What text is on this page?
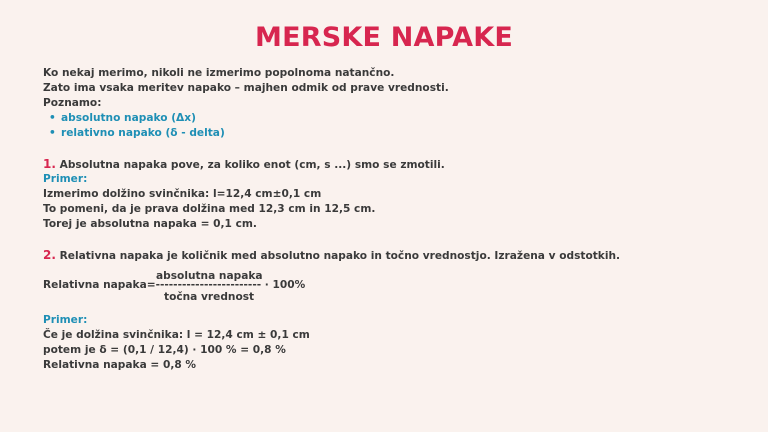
MERSKE NAPAKE
Ko nekaj merimo, nikoli ne izmerimo popolnoma natančno.
Zato ima vsaka meritev napako – majhen odmik od prave vrednosti.
Poznamo:
• absolutno napako (Δx)
• relativno napako (δ - delta)
1. Absolutna napaka pove, za koliko enot (cm, s ...) smo se zmotili.
Primer:
Izmerimo dolžino svinčnika: l=12,4 cm±0,1 cm
To pomeni, da je prava dolžina med 12,3 cm in 12,5 cm.
Torej je absolutna napaka = 0,1 cm.
2. Relativna napaka je količnik med absolutno napako in točno vrednostjo. Izražena v odstotkih.
absolutna napaka
Relativna napaka=------------------------ · 100%
točna vrednost
Primer:
Če je dolžina svinčnika: l = 12,4 cm ± 0,1 cm
potem je δ = (0,1 / 12,4) · 100 % = 0,8 %
Relativna napaka = 0,8 %
